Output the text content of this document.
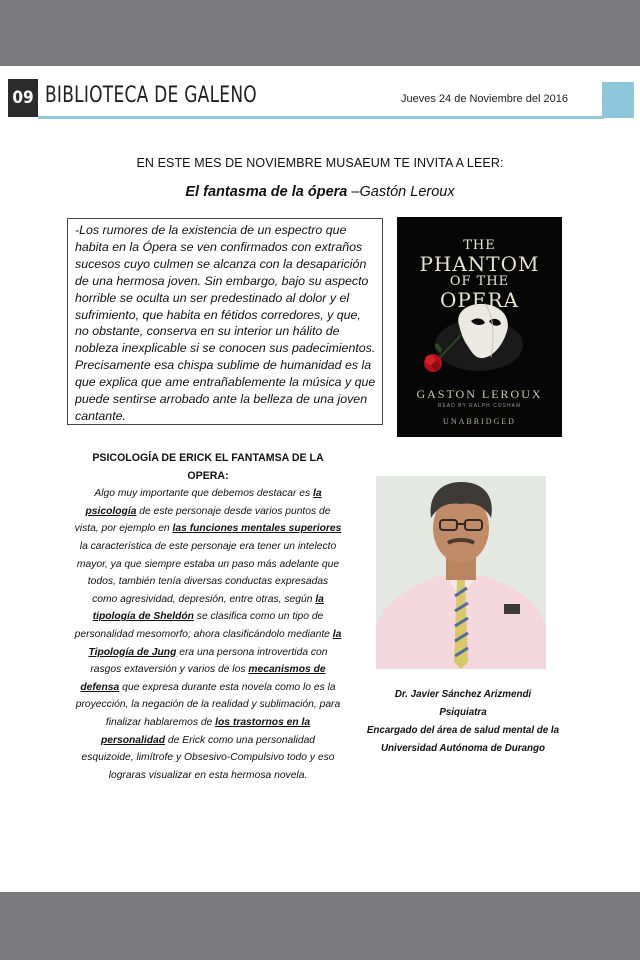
09 BIBLIOTECA DE GALENO	Jueves 24 de Noviembre del 2016
EN ESTE MES DE NOVIEMBRE MUSAEUM TE INVITA A LEER:
El fantasma de la ópera –Gastón Leroux
-Los rumores de la existencia de un espectro que habita en la Ópera se ven confirmados con extraños sucesos cuyo culmen se alcanza con la desaparición de una hermosa joven. Sin embargo, bajo su aspecto horrible se oculta un ser predestinado al dolor y el sufrimiento, que habita en fétidos corredores, y que, no obstante, conserva en su interior un hálito de nobleza inexplicable si se conocen sus padecimientos. Precisamente esa chispa sublime de humanidad es la que explica que ame entrañablemente la música y que puede sentirse arrobado ante la belleza de una joven cantante.
THE
PHANTOM
OF THE
OPERA
GASTON LEROUX
READ BY RALPH COSHAM
UNABRIDGED
PSICOLOGÍA DE ERICK EL FANTAMSA DE LA OPERA:
Algo muy importante que debemos destacar es la psicología de este personaje desde varios puntos de vista, por ejemplo en las funciones mentales superiores la característica de este personaje era tener un intelecto mayor, ya que siempre estaba un paso más adelante que todos, también tenía diversas conductas expresadas como agresividad, depresión, entre otras, según la tipología de Sheldón se clasifica como un tipo de personalidad mesomorfo; ahora clasificándolo mediante la Tipología de Jung era una persona introvertida con rasgos extaversión y varios de los mecanismos de defensa que expresa durante esta novela como lo es la proyección, la negación de la realidad y sublimación, para finalizar hablaremos de los trastornos en la personalidad de Erick como una personalidad esquizoide, limítrofe y Obsesivo-Compulsivo todo y eso lograras visualizar en esta hermosa novela.
Dr. Javier Sánchez Arizmendi
Psiquiatra
Encargado del área de salud mental de la Universidad Autónoma de Durango
